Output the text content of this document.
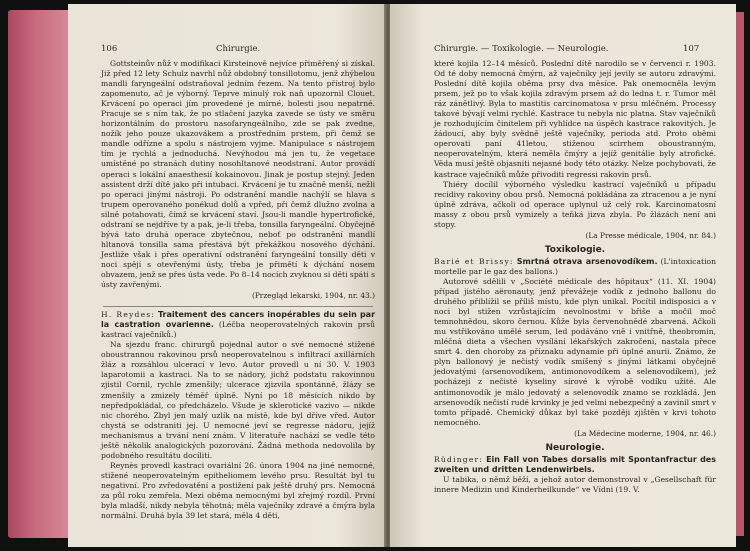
106	Chirurgie.

Gottsteinův nůž v modifikaci Kirsteinově nejvíce přiměřený si získal. Již před 12 lety Schulz navrhl nůž obdobný tonsillotomu, jenž zhýbelou mandli faryngeální odstraňoval jedním řezem. Na tento přístroj bylo zapomenuto, ač je výborný. Teprve minulý rok naň upozornil Clouet. Krvácení po operaci jím provedené je mírné, bolesti jsou nepatrné. Pracuje se s ním tak, že po stlačení jazyka zavede se ústy ve směru horizontálním do prostoru nasofaryngeálního, zde se pak zvedne, nožík jeho pouze ukazovákem a prostředním prstem, při čemž se mandle odřízne a spolu s nástrojem vyjme. Manipulace s nástrojem tím je rychlá a jednoduchá. Nevýhodou má jen tu, že vegetace umístěné po stranách dutiny nosohltanové neodstraní. Autor provádí operaci s lokální anaesthesií kokainovou. Jinak je postup stejný. Jeden assistent drží dítě jako při intubaci. Krvácení je tu značně menší, nežli po operaci jinými nástroji. Po odstranění mandle nachýlí se hlava s trupem operovaného ponékud dolů a vpřed, při čemž dlužno zvolna a silně potahovati, čímž se krvácení staví. Jsou-li mandle hypertrofické, odstraní se nejdříve ty a pak, je-li třeba, tonsilla faryngeální. Obyčejně bývá tato druhá operace zbytečnou, neboť po odstranění mandlí hltanová tonsilla sama přestává být překážkou nosového dýchání. Jestliže však i přes operativní odstranění faryngeální tonsilly děti v noci spějí s otevřenými ústy, třeba je přimětí k dýchání nosem obvazem, jenž se přes ústa vede. Po 8–14 nocích zvyknou si děti spáti s ústy zavřenými.

(Przegląd lekarski, 1904, nr. 43.)

H. Reydes: Traitement des cancers inopérables du sein par la castration ovarienne. (Léčba neoperovatelných rakovin prsů kastrací vaječníků.)

Na sjezdu franc. chirurgů pojednal autor o své nemocné stižené oboustrannou rakovinou prsů neoperovatelnou s infiltrací axillárních žláz a rozsáhlou ulcerací v levo. Autor provedl u ní 30. V. 1903 laparotomii a kastraci. Na to se nádory, jichž podstatu rakovinnou zjistil Cornil, rychle zmenšily; ulcerace zjizvila spontánně, žlázy se zmenšily a zmizely téměř úplně. Nyní po 18 měsících nikdo by nepředpokládal, co předcházelo. Všude je sklerotické vazivo — nikde nic chorého. Zbyl jen malý uzlík na místě, kde byl dříve vřed. Autor chystá se odstraniti jej. U nemocné jeví se regresse nádoru, jejíž mechanismus a trvání není znám. V literatuře nachází se vedle této ještě několik analogických pozorování. Žádná methoda nedovolila by podobného resultátu docíliti.

Reynès provedl kastraci ovariální 26. února 1904 na jiné nemocné, stižené neoperovatelným epitheliomem levého prsu. Resultát byl tu negativní. Pro zvředovatění a postižení pak ještě druhý prs. Nemocná za půl roku zemřela. Mezi oběma nemocnými byl zřejmý rozdíl. První byla mladší, nikdy nebyla těhotná; měla vaječníky zdravé a čmýra byla normální. Druhá byla 39 let stará, měla 4 děti,

Chirurgie. — Toxikologie. — Neurologie.	107

které kojila 12–14 měsíců. Poslední dítě narodilo se v červenci r. 1903. Od té doby nemocná čmýrn, až vaječníky její jevily se autoru zdravými. Poslední dítě kojila oběma prsy dva měsíce. Pak onemocněla levým prsem, jež po to však kojila zdravým prsem až do ledna t. r. Tumor měl ráz zánětlivý. Byla to mastitis carcinomatosa v prsu mléčném. Processy takové bývají velmi rychlé. Kastrace tu nebyla nic platna. Stav vaječníků je rozhodujícím činitelem při vyhlídce na úspěch kastrace rakovitých. Je žádoucí, aby byly svědně ještě vaječníky, perioda atd. Proto oběmi operovati paní 41letou, stiženou scirrhem oboustranným, neoperovatelným, která nemělа čmýry a jejíž genitálie byly atrofické. Věda musí ještě objasniti nejasné body této otázky. Nelze pochybovati, že kastrace vaječníků může přivoditi regressi rakovin prsů.

Thiéry docílil výborného výsledku kastrací vaječníků u případu recidivy rakoviny obou prsů. Nemocná pokládána za ztracenou a je nyní úplně zdráva, ačkoli od operace uplynul už celý rok. Karcinomatosní massy z obou prsů vymizely a teňká jizva zbyla. Po žlázách není ani stopy.

(La Presse médicale, 1904, nr. 84.)
Toxikologie.

Barié et Brissy: Smrtná otrava arsenovodíkem. (L'intoxication mortelle par le gaz des ballons.)

Autorové sdělili v „Société médicale des hôpitaux“ (11. XI. 1904) případ jistého aëronauty, jenž převážeje vodík z jednoho ballonu do druhého přiblížil se příliš místu, kde plyn unikal. Pocítil indisposici a v noci byl stižen vzrůstajícím nevolnostmi v břiše a močil moč temnohnědou, skoro černou. Kůže byla červenohnědé zbarvená. Ačkoli mu vstřikováno umělé serum, led podáváno vně i vnitřně, theobromin, mléčná dieta a všechen vysílání lékařských zakročení, nastala přece smrt 4. den choroby za příznaku adynamie při úplné anurii. Známo, že plyn ballonový je nečistý vodík smíšený s jinými látkami obyčejně jedovatými (arsenovodíkem, antimonovodíkem a selenovodíkem), jež pocházejí z nečisté kyseliny sírové k výrobě vodíku užité. Ale antimonovodík je málo jedovatý a selenovodík znamo se rozkládá. Jen arsenovodík nečistí rudé krvinky je jed velmi nebezpečný a zavinil smrt v tomto případě. Chemický důkaz byl také později zjištěn v krvi tohoto nemocného.

(La Médecine moderne, 1904, nr. 46.)
Neurologie.

Rüdinger: Ein Fall von Tabes dorsalis mit Spontanfractur des zweiten und dritten Lendenwirbels.

U tabika, o němž běží, a jehož autor demonstroval v „Gesellschaft für innere Medizin und Kinderheilkunde“ ve Vídni (19. V.
